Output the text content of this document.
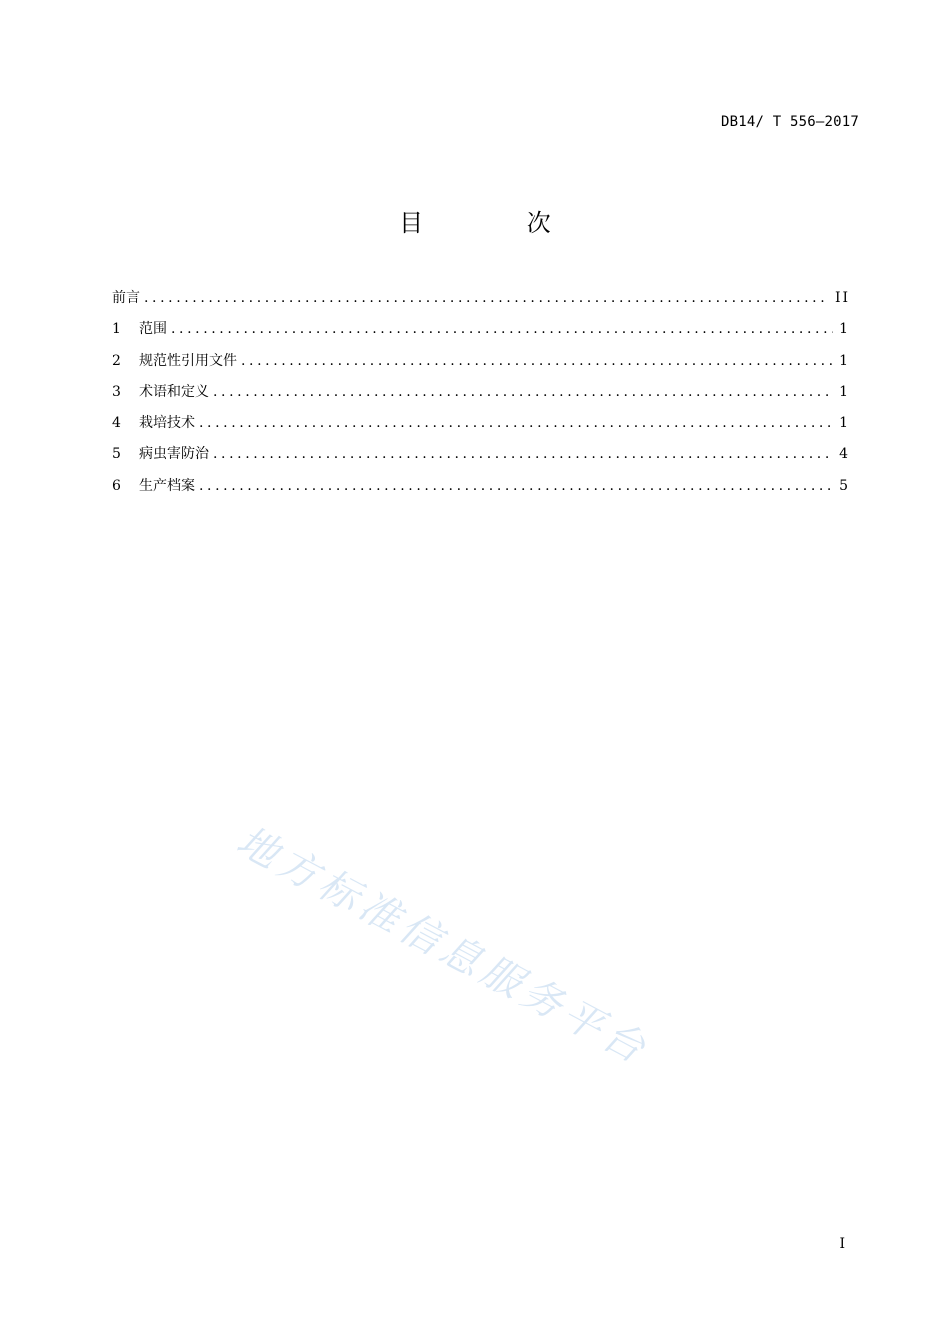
DB14/ T 556—2017
目 次
前言 .....	II
1	范围 .....	1
2	规范性引用文件 .....	1
3	术语和定义 .....	1
4	栽培技术 .....	1
5	病虫害防治 .....	4
6	生产档案 .....	5
地方标准信息服务平台
I
